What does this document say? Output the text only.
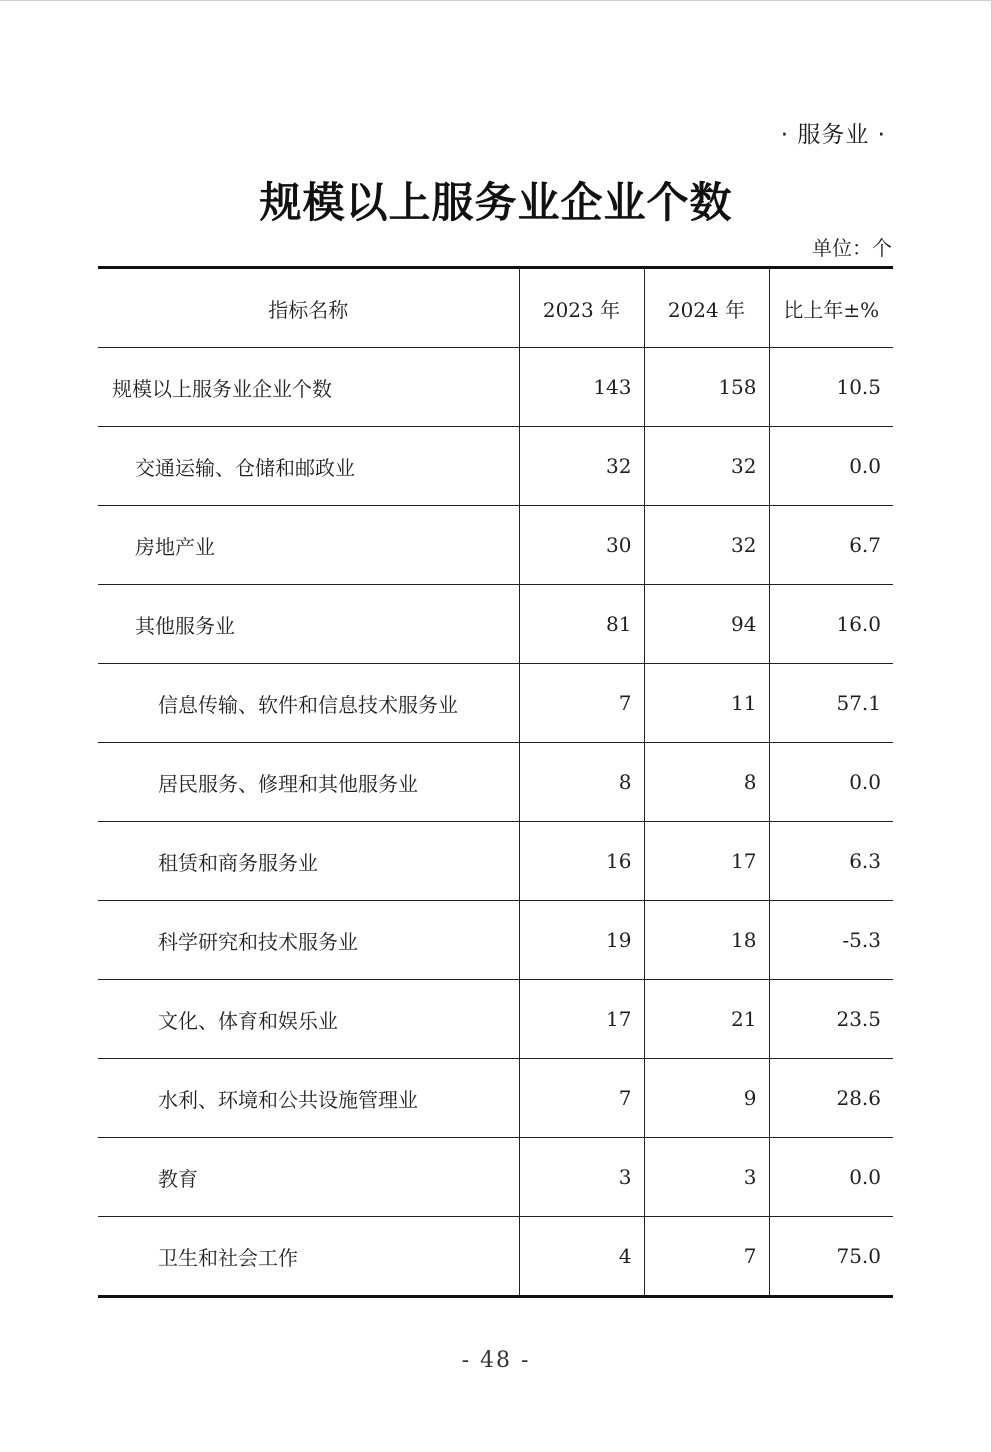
· 服务业 ·
规模以上服务业企业个数
单位：个
指标名称	2023 年	2024 年	比上年±%
规模以上服务业企业个数	143	158	10.5
交通运输、仓储和邮政业	32	32	0.0
房地产业	30	32	6.7
其他服务业	81	94	16.0
信息传输、软件和信息技术服务业	7	11	57.1
居民服务、修理和其他服务业	8	8	0.0
租赁和商务服务业	16	17	6.3
科学研究和技术服务业	19	18	-5.3
文化、体育和娱乐业	17	21	23.5
水利、环境和公共设施管理业	7	9	28.6
教育	3	3	0.0
卫生和社会工作	4	7	75.0
- 48 -
